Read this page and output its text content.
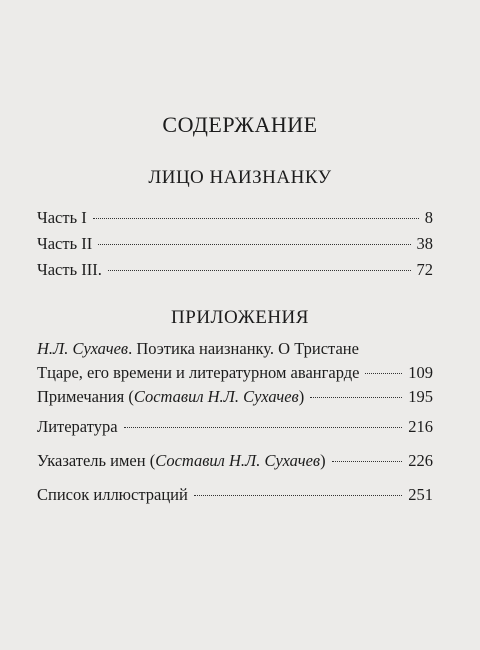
СОДЕРЖАНИЕ
ЛИЦО НАИЗНАНКУ
Часть I	8
Часть II	38
Часть III.	72
ПРИЛОЖЕНИЯ
Н.Л. Сухачев. Поэтика наизнанку. О Тристане
Тцаре, его времени и литературном авангарде	109
Примечания (Составил Н.Л. Сухачев)	195
Литература	216
Указатель имен (Составил Н.Л. Сухачев)	226
Список иллюстраций	251
